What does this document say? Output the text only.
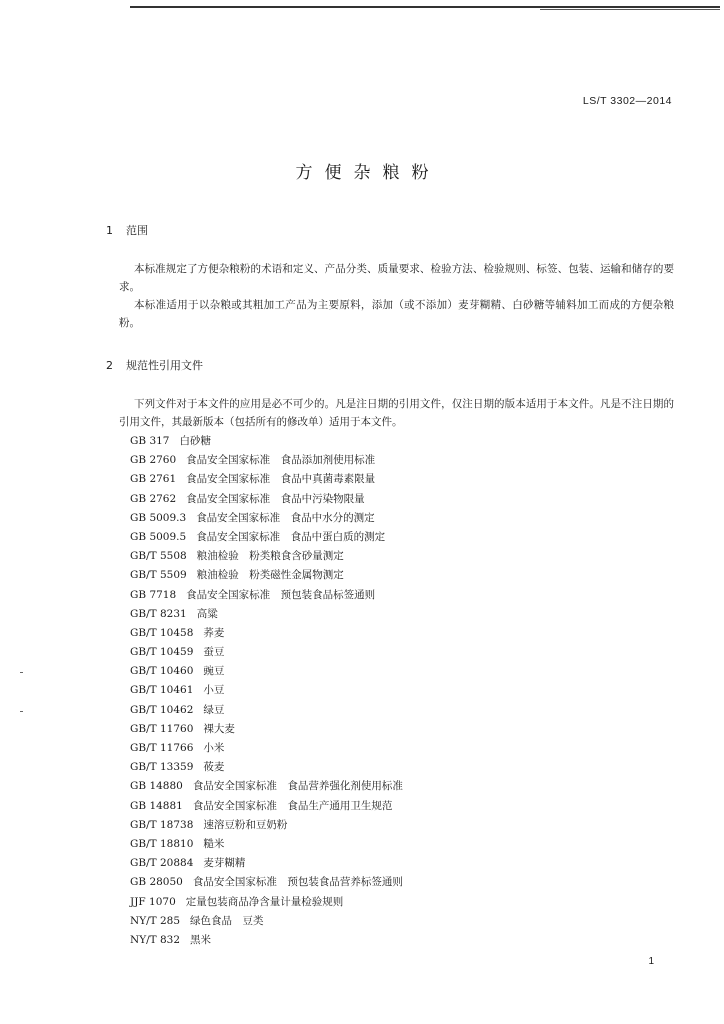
LS/T 3302—2014
方便杂粮粉
1 范围
本标准规定了方便杂粮粉的术语和定义、产品分类、质量要求、检验方法、检验规则、标签、包装、运输和储存的要求。
本标准适用于以杂粮或其粗加工产品为主要原料，添加（或不添加）麦芽糊精、白砂糖等辅料加工而成的方便杂粮粉。
2 规范性引用文件
下列文件对于本文件的应用是必不可少的。凡是注日期的引用文件，仅注日期的版本适用于本文件。凡是不注日期的引用文件，其最新版本（包括所有的修改单）适用于本文件。
GB 317 白砂糖
GB 2760 食品安全国家标准　食品添加剂使用标准
GB 2761 食品安全国家标准　食品中真菌毒素限量
GB 2762 食品安全国家标准　食品中污染物限量
GB 5009.3 食品安全国家标准　食品中水分的测定
GB 5009.5 食品安全国家标准　食品中蛋白质的测定
GB/T 5508 粮油检验　粉类粮食含砂量测定
GB/T 5509 粮油检验　粉类磁性金属物测定
GB 7718 食品安全国家标准　预包装食品标签通则
GB/T 8231 高粱
GB/T 10458 荞麦
GB/T 10459 蚕豆
GB/T 10460 豌豆
GB/T 10461 小豆
GB/T 10462 绿豆
GB/T 11760 裸大麦
GB/T 11766 小米
GB/T 13359 莜麦
GB 14880 食品安全国家标准　食品营养强化剂使用标准
GB 14881 食品安全国家标准　食品生产通用卫生规范
GB/T 18738 速溶豆粉和豆奶粉
GB/T 18810 糙米
GB/T 20884 麦芽糊精
GB 28050 食品安全国家标准　预包装食品营养标签通则
JJF 1070 定量包装商品净含量计量检验规则
NY/T 285 绿色食品　豆类
NY/T 832 黑米
1
